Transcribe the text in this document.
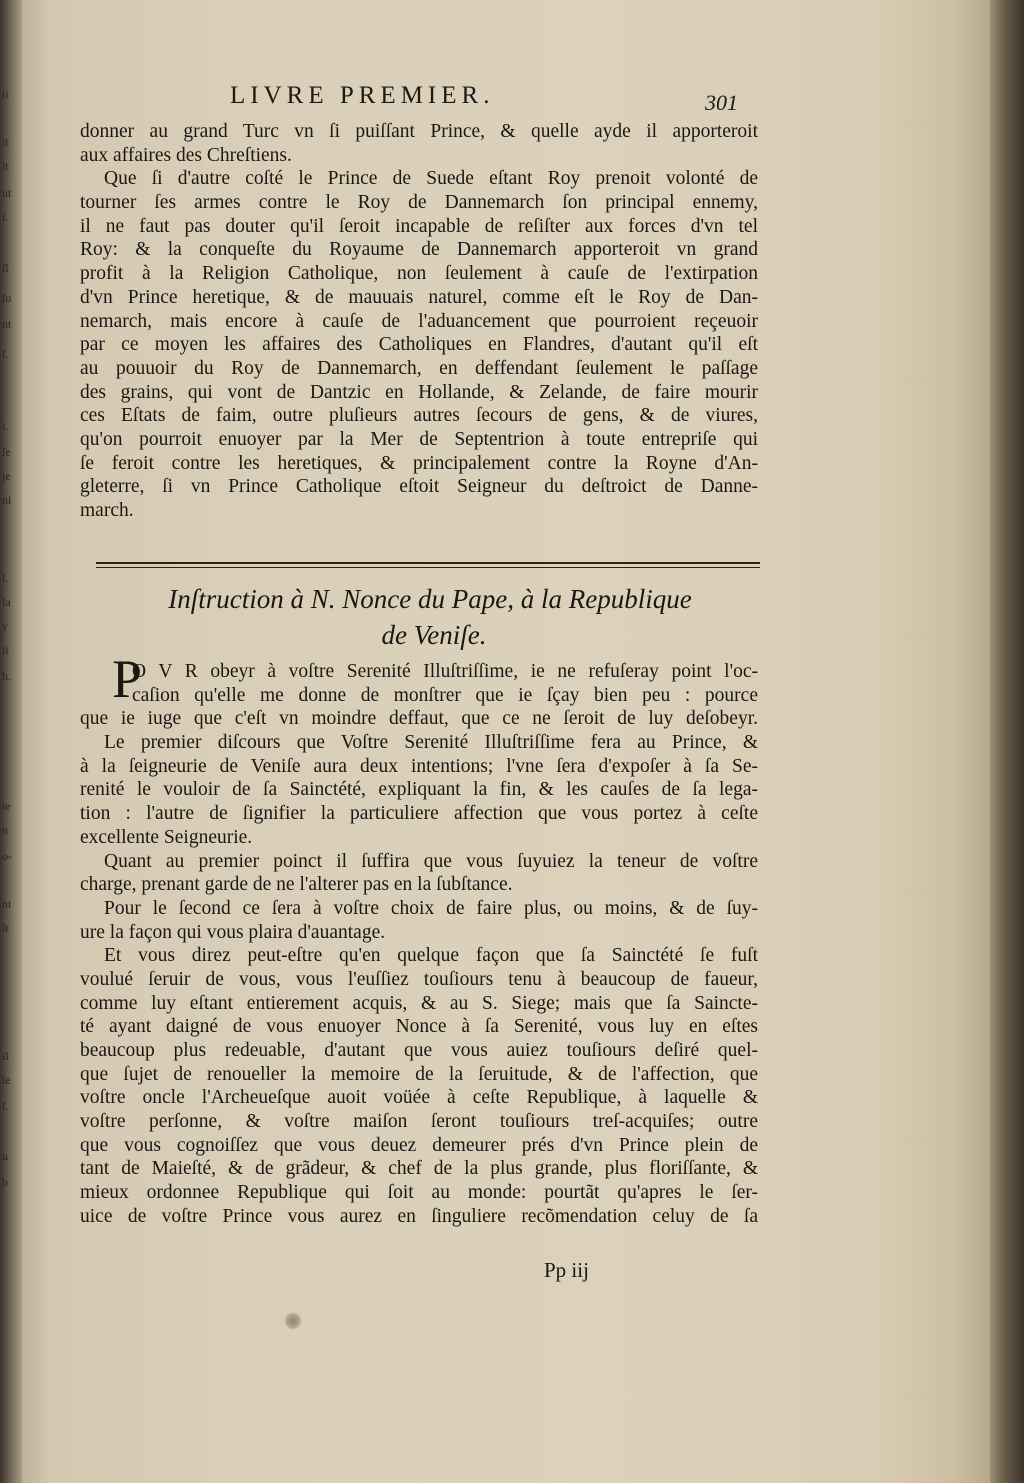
ii
it
lt
ut
ſ.
ſl
ſu
nt
ſ.
i.
ſe
je
ni
l.
la
y
li
h.
ie
n
o-
nt
ſt
il
le
ſ.
u
b
LIVRE PREMIER.	301
donner au grand Turc vn ſi puiſſant Prince, & quelle ayde il apporteroit
aux affaires des Chreſtiens.
Que ſi d'autre coſté le Prince de Suede eſtant Roy prenoit volonté de
tourner ſes armes contre le Roy de Dannemarch ſon principal ennemy,
il ne faut pas douter qu'il ſeroit incapable de reſiſter aux forces d'vn tel
Roy: & la conqueſte du Royaume de Dannemarch apporteroit vn grand
profit à la Religion Catholique, non ſeulement à cauſe de l'extirpation
d'vn Prince heretique, & de mauuais naturel, comme eſt le Roy de Dan-
nemarch, mais encore à cauſe de l'aduancement que pourroient reçeuoir
par ce moyen les affaires des Catholiques en Flandres, d'autant qu'il eſt
au pouuoir du Roy de Dannemarch, en deffendant ſeulement le paſſage
des grains, qui vont de Dantzic en Hollande, & Zelande, de faire mourir
ces Eſtats de faim, outre pluſieurs autres ſecours de gens, & de viures,
qu'on pourroit enuoyer par la Mer de Septentrion à toute entrepriſe qui
ſe feroit contre les heretiques, & principalement contre la Royne d'An-
gleterre, ſi vn Prince Catholique eſtoit Seigneur du deſtroict de Danne-
march.
Inſtruction à N. Nonce du Pape, à la Republique
de Veniſe.
P
O V R obeyr à voſtre Serenité Illuſtriſſime, ie ne refuſeray point l'oc-
caſion qu'elle me donne de monſtrer que ie ſçay bien peu : pource
que ie iuge que c'eſt vn moindre deffaut, que ce ne ſeroit de luy deſobeyr.
Le premier diſcours que Voſtre Serenité Illuſtriſſime fera au Prince, &
à la ſeigneurie de Veniſe aura deux intentions; l'vne ſera d'expoſer à ſa Se-
renité le vouloir de ſa Sainctété, expliquant la fin, & les cauſes de ſa lega-
tion : l'autre de ſignifier la particuliere affection que vous portez à ceſte
excellente Seigneurie.
Quant au premier poinct il ſuffira que vous ſuyuiez la teneur de voſtre
charge, prenant garde de ne l'alterer pas en la ſubſtance.
Pour le ſecond ce ſera à voſtre choix de faire plus, ou moins, & de ſuy-
ure la façon qui vous plaira d'auantage.
Et vous direz peut-eſtre qu'en quelque façon que ſa Sainctété ſe fuſt
voulué ſeruir de vous, vous l'euſſiez touſiours tenu à beaucoup de faueur,
comme luy eſtant entierement acquis, & au S. Siege; mais que ſa Saincte-
té ayant daigné de vous enuoyer Nonce à ſa Serenité, vous luy en eſtes
beaucoup plus redeuable, d'autant que vous auiez touſiours deſiré quel-
que ſujet de renoueller la memoire de la ſeruitude, & de l'affection, que
voſtre oncle l'Archeueſque auoit voüée à ceſte Republique, à laquelle &
voſtre perſonne, & voſtre maiſon ſeront touſiours treſ-acquiſes; outre
que vous cognoiſſez que vous deuez demeurer prés d'vn Prince plein de
tant de Maieſté, & de grãdeur, & chef de la plus grande, plus floriſſante, &
mieux ordonnee Republique qui ſoit au monde: pourtãt qu'apres le ſer-
uice de voſtre Prince vous aurez en ſinguliere recõmendation celuy de ſa
Pp iij
